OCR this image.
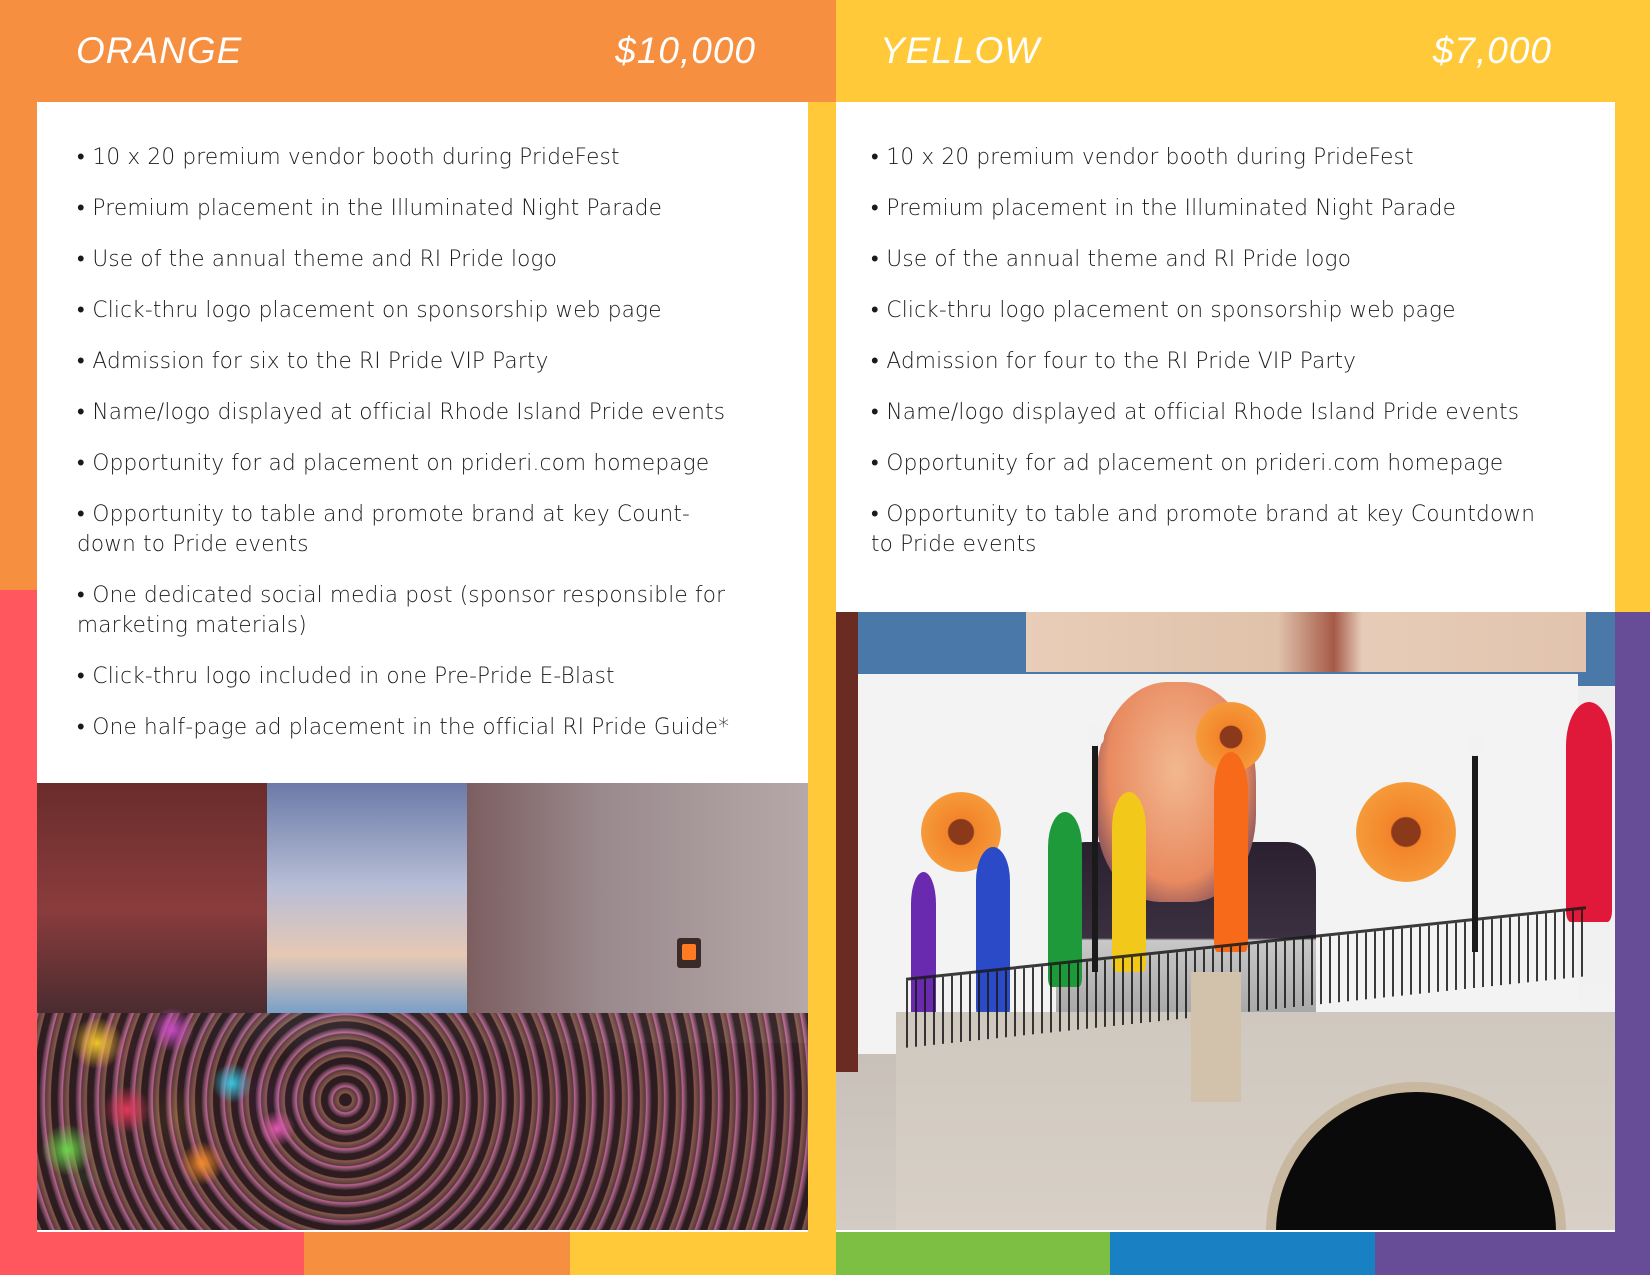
ORANGE	$10,000
• 10 x 20 premium vendor booth during PrideFest
• Premium placement in the Illuminated Night Parade
• Use of the annual theme and RI Pride logo
• Click-thru logo placement on sponsorship web page
• Admission for six to the RI Pride VIP Party
• Name/logo displayed at official Rhode Island Pride events
• Opportunity for ad placement on prideri.com homepage
• Opportunity to table and promote brand at key Count-down to Pride events
• One dedicated social media post (sponsor responsible for marketing materials)
• Click-thru logo included in one Pre-Pride E-Blast
• One half-page ad placement in the official RI Pride Guide*
YELLOW	$7,000
• 10 x 20 premium vendor booth during PrideFest
• Premium placement in the Illuminated Night Parade
• Use of the annual theme and RI Pride logo
• Click-thru logo placement on sponsorship web page
• Admission for four to the RI Pride VIP Party
• Name/logo displayed at official Rhode Island Pride events
• Opportunity for ad placement on prideri.com homepage
• Opportunity to table and promote brand at key Countdown to Pride events
